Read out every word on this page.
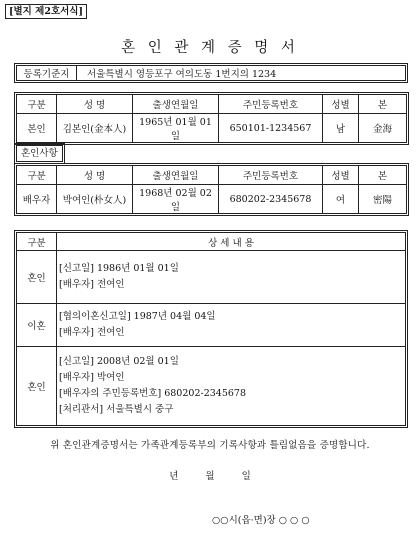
[별지 제2호서식]
혼 인 관 계 증 명 서
등록기준지	서울특별시 영등포구 여의도동 1번지의 1234
구분	성 명	출생연월일	주민등록번호	성별	본
본인	김본인(金本人)	1965년 01월 01일	650101-1234567	남	金海
혼인사항
구분	성 명	출생연월일	주민등록번호	성별	본
배우자	박여인(朴女人)	1968년 02월 02일	680202-2345678	여	密陽
구분	상 세 내 용
혼인	[신고일] 1986년 01월 01일
[배우자] 전여인

이혼	[협의이혼신고일] 1987년 04월 04일
[배우자] 전여인

혼인	[신고일] 2008년 02월 01일
[배우자] 박여인
[배우자의 주민등록번호] 680202-2345678
[처리관서] 서울특별시 중구
위 혼인관계증명서는 가족관계등록부의 기록사항과 틀림없음을 증명합니다.
년 월 일
○○시(읍·면)장 ○ ○ ○
